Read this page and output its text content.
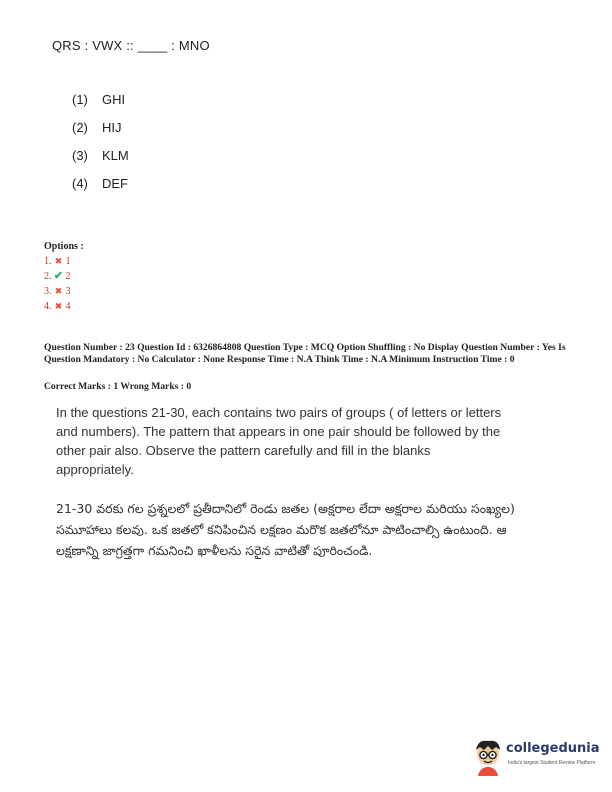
QRS : VWX :: ____ : MNO
(1) GHI
(2) HIJ
(3) KLM
(4) DEF
Options :
1. ✖ 1
2. ✔ 2
3. ✖ 3
4. ✖ 4
Question Number : 23 Question Id : 6326864808 Question Type : MCQ Option Shuffling : No Display Question Number : Yes Is Question Mandatory : No Calculator : None Response Time : N.A Think Time : N.A Minimum Instruction Time : 0
Correct Marks : 1 Wrong Marks : 0

In the questions 21-30, each contains two pairs of groups ( of letters or letters and numbers). The pattern that appears in one pair should be followed by the other pair also. Observe the pattern carefully and fill in the blanks appropriately.

21-30 వరకు గల ప్రశ్నలలో ప్రతీదానిలో రెండు జతల (అక్షరాల లేదా అక్షరాల మరియు సంఖ్యల) సమూహాలు కలవు. ఒక జతలో కనిపించిన లక్షణం మరొక జతలోనూ పాటించాల్సి ఉంటుంది. ఆ లక్షణాన్ని జాగ్రత్తగా గమనించి ఖాళీలను సరైన వాటితో పూరించండి.

collegedunia
India's largest Student Review Platform
